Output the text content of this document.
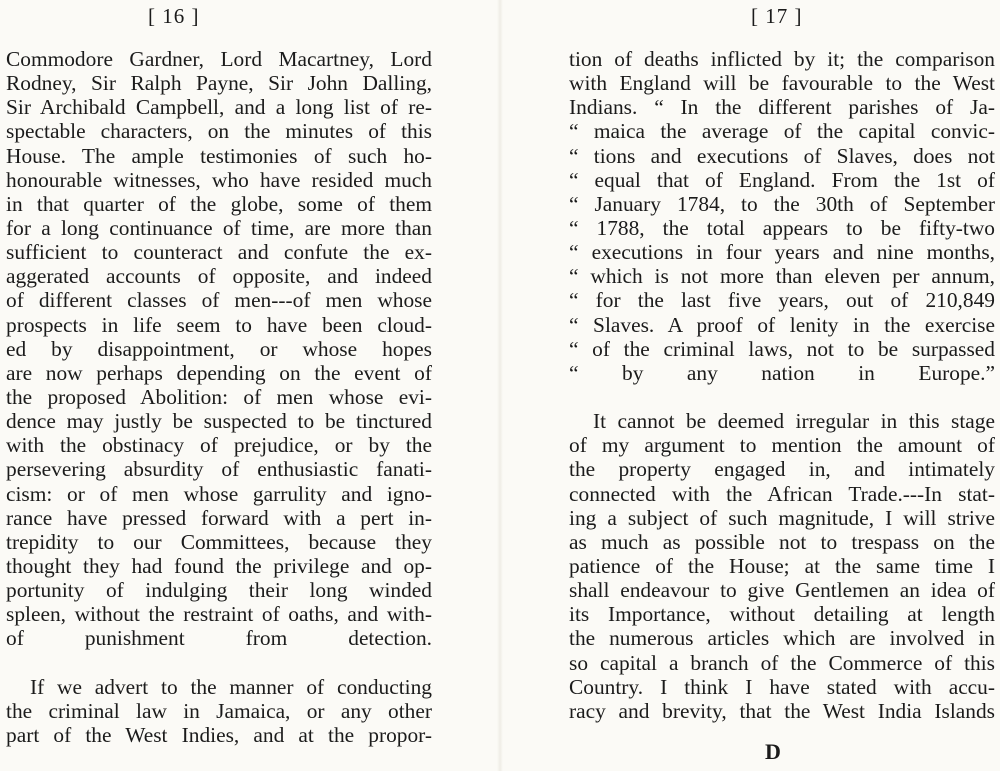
[ 16 ]
Commodore Gardner, Lord Macartney, Lord
Rodney, Sir Ralph Payne, Sir John Dalling,
Sir Archibald Campbell, and a long list of re-
spectable characters, on the minutes of this
House. The ample testimonies of such ho-
honourable witnesses, who have resided much
in that quarter of the globe, some of them
for a long continuance of time, are more than
sufficient to counteract and confute the ex-
aggerated accounts of opposite, and indeed
of different classes of men---of men whose
prospects in life seem to have been cloud-
ed by disappointment, or whose hopes
are now perhaps depending on the event of
the proposed Abolition: of men whose evi-
dence may justly be suspected to be tinctured
with the obstinacy of prejudice, or by the
persevering absurdity of enthusiastic fanati-
cism: or of men whose garrulity and igno-
rance have pressed forward with a pert in-
trepidity to our Committees, because they
thought they had found the privilege and op-
portunity of indulging their long winded
spleen, without the restraint of oaths, and with-
of punishment from detection.
If we advert to the manner of conducting
the criminal law in Jamaica, or any other
part of the West Indies, and at the propor-
[ 17 ]
tion of deaths inflicted by it; the comparison
with England will be favourable to the West
Indians. “ In the different parishes of Ja-
“ maica the average of the capital convic-
“ tions and executions of Slaves, does not
“ equal that of England. From the 1st of
“ January 1784, to the 30th of September
“ 1788, the total appears to be fifty-two
“ executions in four years and nine months,
“ which is not more than eleven per annum,
“ for the last five years, out of 210,849
“ Slaves. A proof of lenity in the exercise
“ of the criminal laws, not to be surpassed
“ by any nation in Europe.”
It cannot be deemed irregular in this stage
of my argument to mention the amount of
the property engaged in, and intimately
connected with the African Trade.---In stat-
ing a subject of such magnitude, I will strive
as much as possible not to trespass on the
patience of the House; at the same time I
shall endeavour to give Gentlemen an idea of
its Importance, without detailing at length
the numerous articles which are involved in
so capital a branch of the Commerce of this
Country. I think I have stated with accu-
racy and brevity, that the West India Islands
D
